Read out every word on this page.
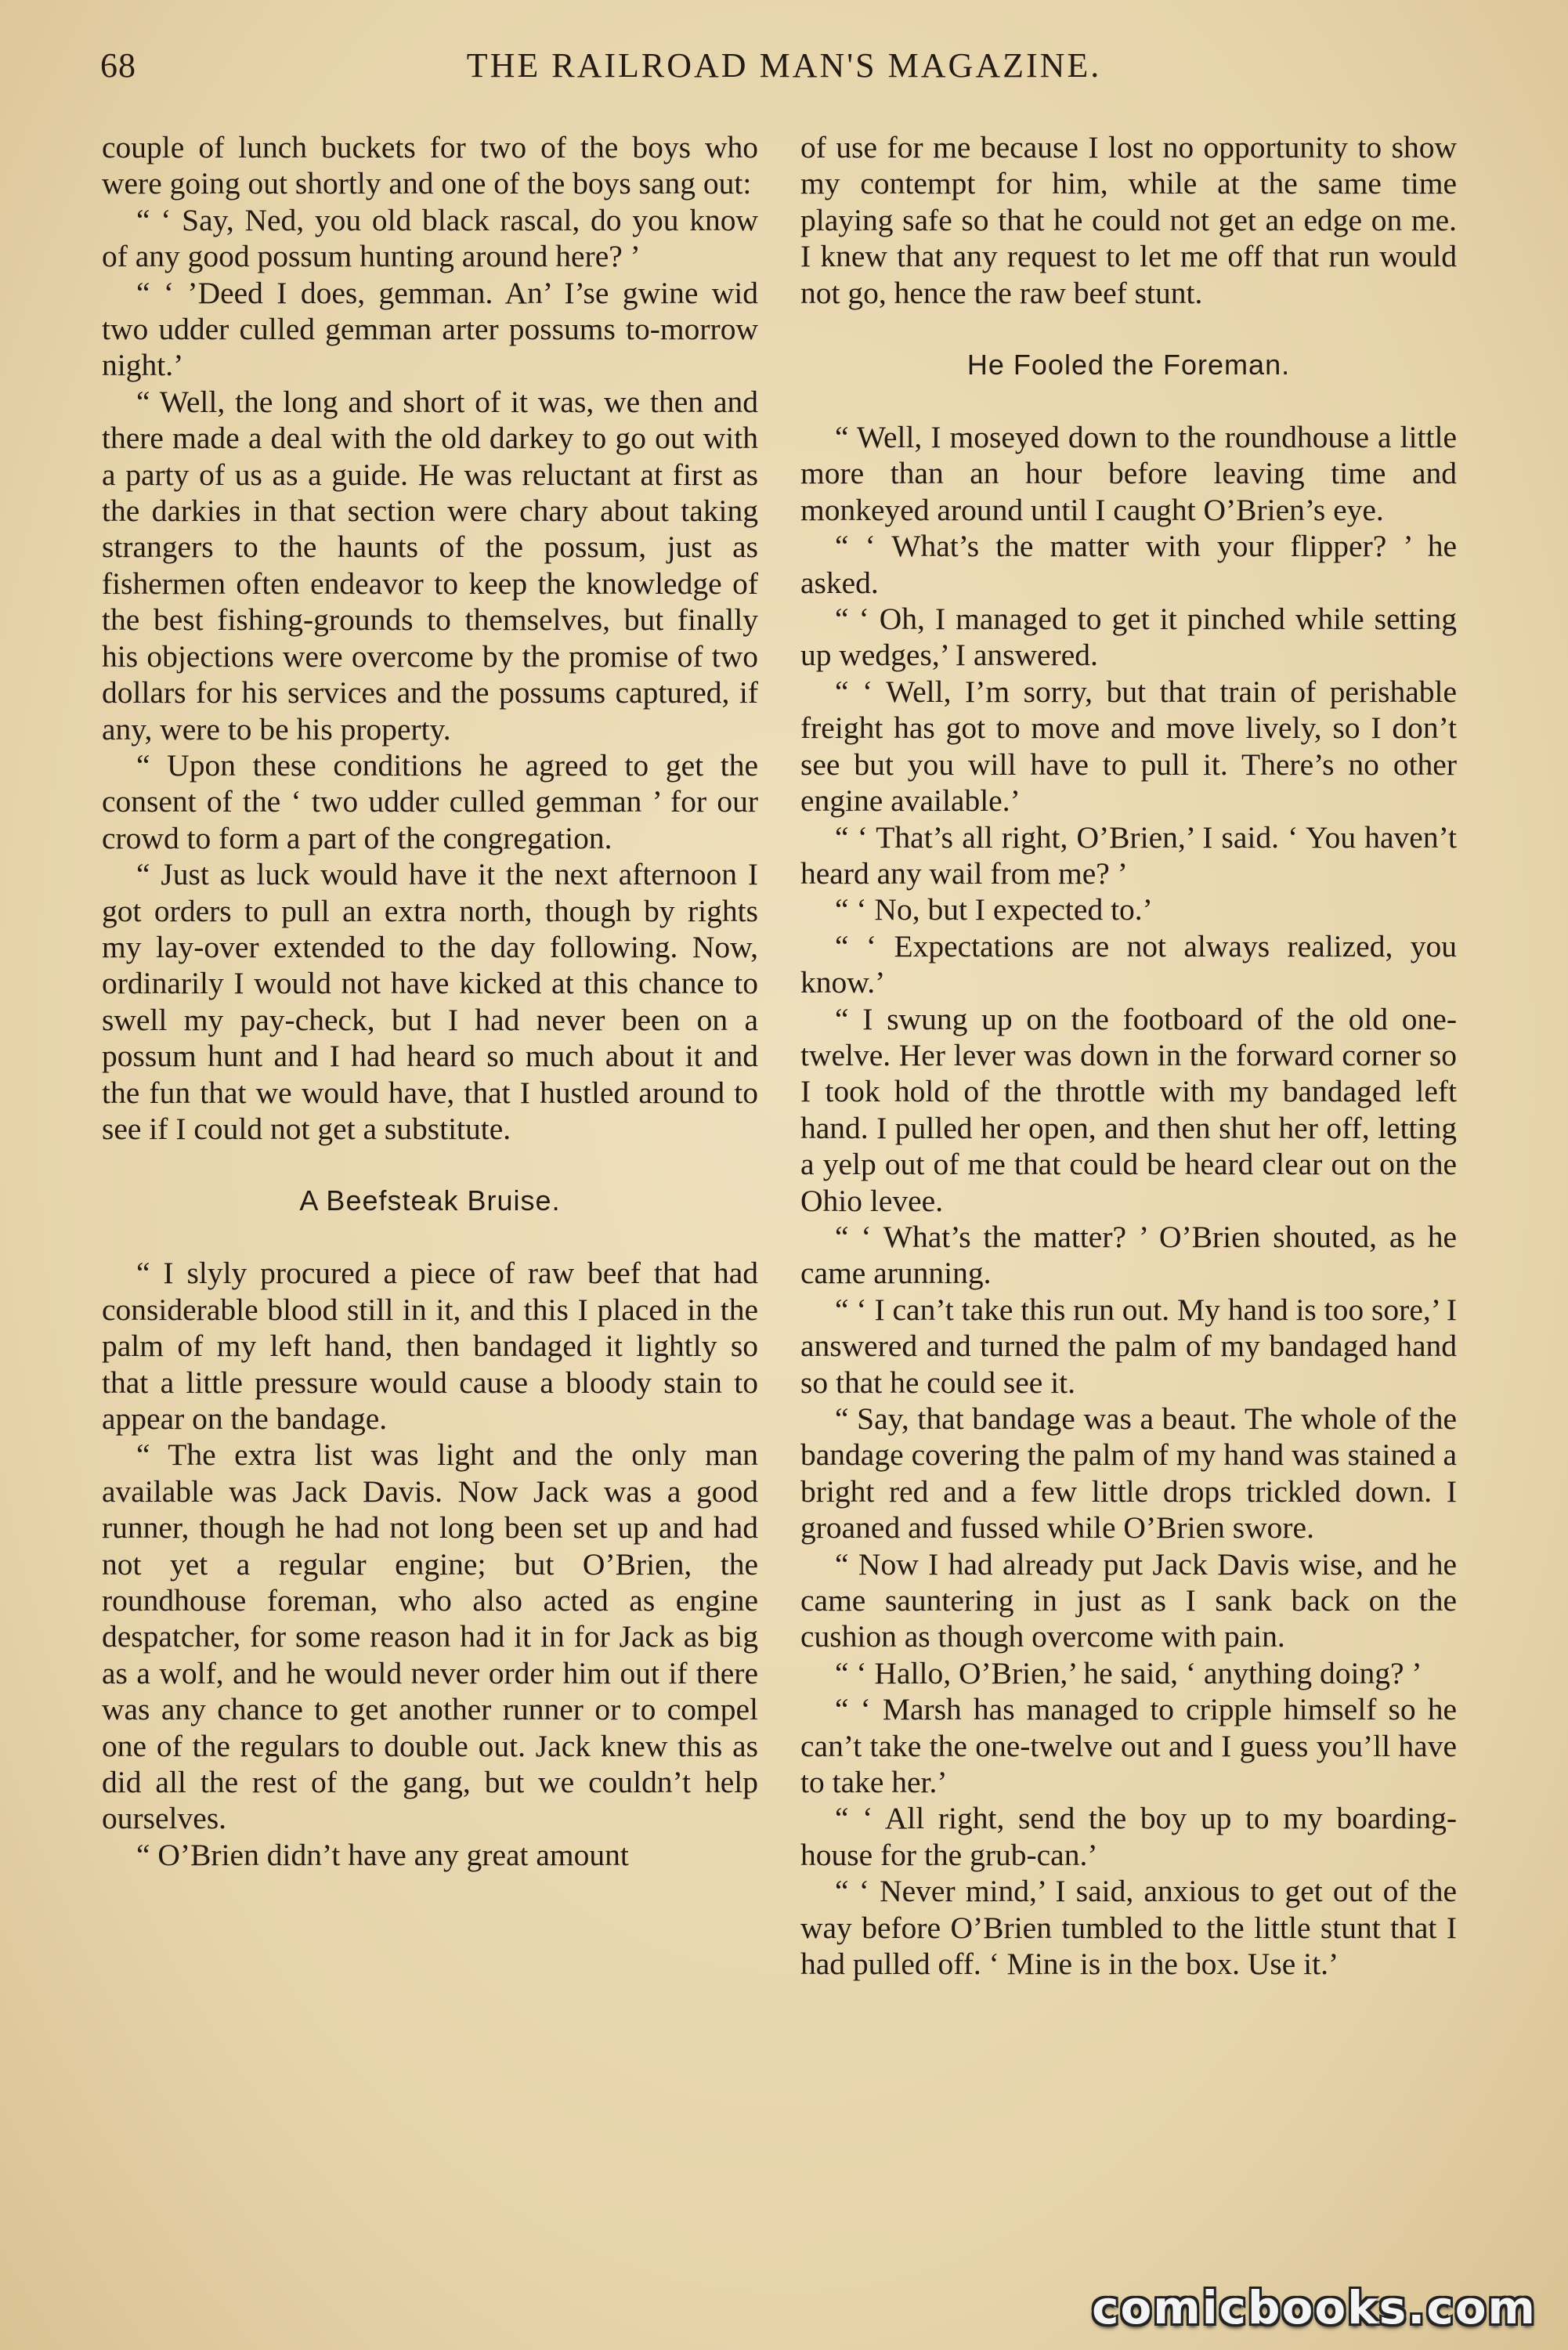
68	THE RAILROAD MAN'S MAGAZINE.

couple of lunch buckets for two of the boys who were going out shortly and one of the boys sang out:

“ ‘ Say, Ned, you old black rascal, do you know of any good possum hunting around here? ’

“ ‘ ’Deed I does, gemman. An’ I’se gwine wid two udder culled gemman arter possums to-morrow night.’

“ Well, the long and short of it was, we then and there made a deal with the old darkey to go out with a party of us as a guide. He was reluctant at first as the darkies in that section were chary about taking strangers to the haunts of the possum, just as fishermen often endeavor to keep the knowledge of the best fishing-grounds to themselves, but finally his objections were overcome by the promise of two dollars for his services and the possums captured, if any, were to be his property.

“ Upon these conditions he agreed to get the consent of the ‘ two udder culled gemman ’ for our crowd to form a part of the congregation.

“ Just as luck would have it the next afternoon I got orders to pull an extra north, though by rights my lay-over extended to the day following. Now, ordinarily I would not have kicked at this chance to swell my pay-check, but I had never been on a possum hunt and I had heard so much about it and the fun that we would have, that I hustled around to see if I could not get a substitute.

A Beefsteak Bruise.

“ I slyly procured a piece of raw beef that had considerable blood still in it, and this I placed in the palm of my left hand, then bandaged it lightly so that a little pressure would cause a bloody stain to appear on the bandage.

“ The extra list was light and the only man available was Jack Davis. Now Jack was a good runner, though he had not long been set up and had not yet a regular engine; but O’Brien, the roundhouse foreman, who also acted as engine despatcher, for some reason had it in for Jack as big as a wolf, and he would never order him out if there was any chance to get another runner or to compel one of the regulars to double out. Jack knew this as did all the rest of the gang, but we couldn’t help ourselves.

“ O’Brien didn’t have any great amount

of use for me because I lost no opportunity to show my contempt for him, while at the same time playing safe so that he could not get an edge on me. I knew that any request to let me off that run would not go, hence the raw beef stunt.

He Fooled the Foreman.

“ Well, I moseyed down to the roundhouse a little more than an hour before leaving time and monkeyed around until I caught O’Brien’s eye.

“ ‘ What’s the matter with your flipper? ’ he asked.

“ ‘ Oh, I managed to get it pinched while setting up wedges,’ I answered.

“ ‘ Well, I’m sorry, but that train of perishable freight has got to move and move lively, so I don’t see but you will have to pull it. There’s no other engine available.’

“ ‘ That’s all right, O’Brien,’ I said. ‘ You haven’t heard any wail from me? ’

“ ‘ No, but I expected to.’

“ ‘ Expectations are not always realized, you know.’

“ I swung up on the footboard of the old one-twelve. Her lever was down in the forward corner so I took hold of the throttle with my bandaged left hand. I pulled her open, and then shut her off, letting a yelp out of me that could be heard clear out on the Ohio levee.

“ ‘ What’s the matter? ’ O’Brien shouted, as he came arunning.

“ ‘ I can’t take this run out. My hand is too sore,’ I answered and turned the palm of my bandaged hand so that he could see it.

“ Say, that bandage was a beaut. The whole of the bandage covering the palm of my hand was stained a bright red and a few little drops trickled down. I groaned and fussed while O’Brien swore.

“ Now I had already put Jack Davis wise, and he came sauntering in just as I sank back on the cushion as though overcome with pain.

“ ‘ Hallo, O’Brien,’ he said, ‘ anything doing? ’

“ ‘ Marsh has managed to cripple himself so he can’t take the one-twelve out and I guess you’ll have to take her.’

“ ‘ All right, send the boy up to my boarding-house for the grub-can.’

“ ‘ Never mind,’ I said, anxious to get out of the way before O’Brien tumbled to the little stunt that I had pulled off. ‘ Mine is in the box. Use it.’

comicbooks.com
